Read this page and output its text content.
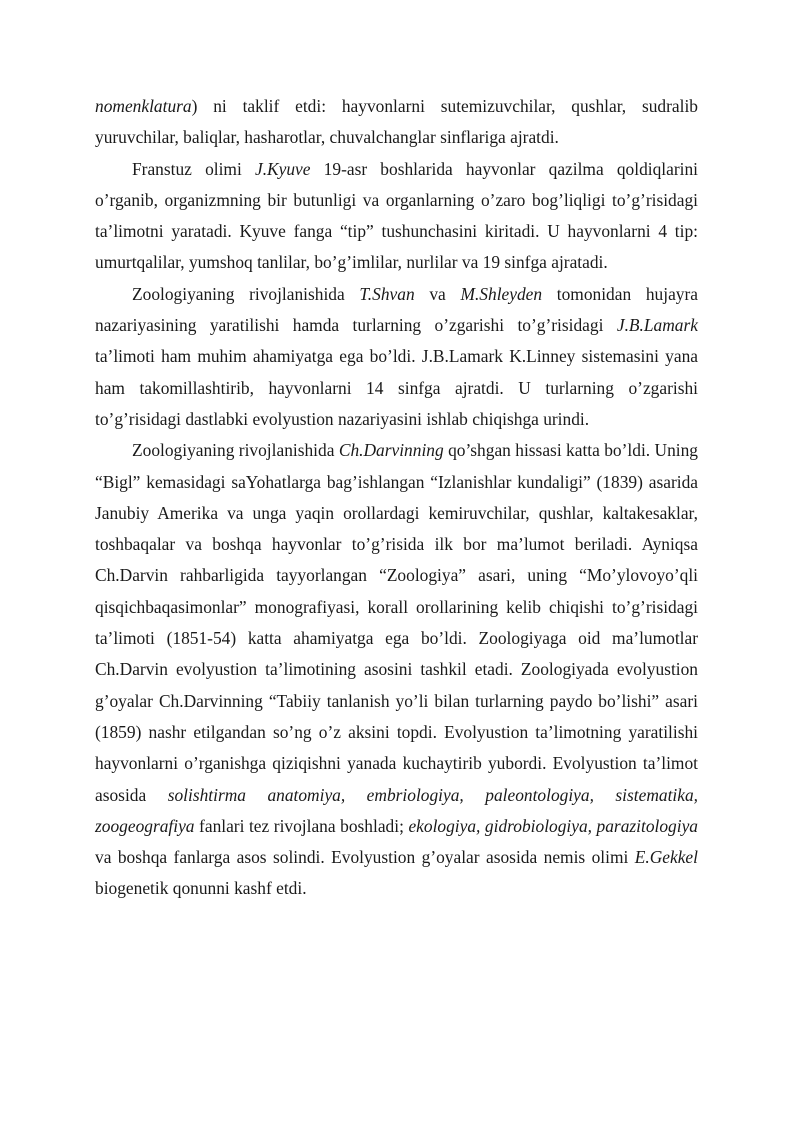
nomenklatura) ni taklif etdi: hayvonlarni sutemizuvchilar, qushlar, sudralib yuruvchilar, baliqlar, hasharotlar, chuvalchanglar sinflariga ajratdi.

Franstuz olimi J.Kyuve 19-asr boshlarida hayvonlar qazilma qoldiqlarini o’rganib, organizmning bir butunligi va organlarning o’zaro bog’liqligi to’g’risidagi ta’limotni yaratadi. Kyuve fanga “tip” tushunchasini kiritadi. U hayvonlarni 4 tip: umurtqalilar, yumshoq tanlilar, bo’g’imlilar, nurlilar va 19 sinfga ajratadi.

Zoologiyaning rivojlanishida T.Shvan va M.Shleyden tomonidan hujayra nazariyasining yaratilishi hamda turlarning o’zgarishi to’g’risidagi J.B.Lamark ta’limoti ham muhim ahamiyatga ega bo’ldi. J.B.Lamark K.Linney sistemasini yana ham takomillashtirib, hayvonlarni 14 sinfga ajratdi. U turlarning o’zgarishi to’g’risidagi dastlabki evolyustion nazariyasini ishlab chiqishga urindi.

Zoologiyaning rivojlanishida Ch.Darvinning qo’shgan hissasi katta bo’ldi. Uning “Bigl” kemasidagi saYohatlarga bag’ishlangan “Izlanishlar kundaligi” (1839) asarida Janubiy Amerika va unga yaqin orollardagi kemiruvchilar, qushlar, kaltakesaklar, toshbaqalar va boshqa hayvonlar to’g’risida ilk bor ma’lumot beriladi. Ayniqsa Ch.Darvin rahbarligida tayyorlangan “Zoologiya” asari, uning “Mo’ylovoyo’qli qisqichbaqasimonlar” monografiyasi, korall orollarining kelib chiqishi to’g’risidagi ta’limoti (1851-54) katta ahamiyatga ega bo’ldi. Zoologiyaga oid ma’lumotlar Ch.Darvin evolyustion ta’limotining asosini tashkil etadi. Zoologiyada evolyustion g’oyalar Ch.Darvinning “Tabiiy tanlanish yo’li bilan turlarning paydo bo’lishi” asari (1859) nashr etilgandan so’ng o’z aksini topdi. Evolyustion ta’limotning yaratilishi hayvonlarni o’rganishga qiziqishni yanada kuchaytirib yubordi. Evolyustion ta’limot asosida solishtirma anatomiya, embriologiya, paleontologiya, sistematika, zoogeografiya fanlari tez rivojlana boshladi; ekologiya, gidrobiologiya, parazitologiya va boshqa fanlarga asos solindi. Evolyustion g’oyalar asosida nemis olimi E.Gekkel biogenetik qonunni kashf etdi.
